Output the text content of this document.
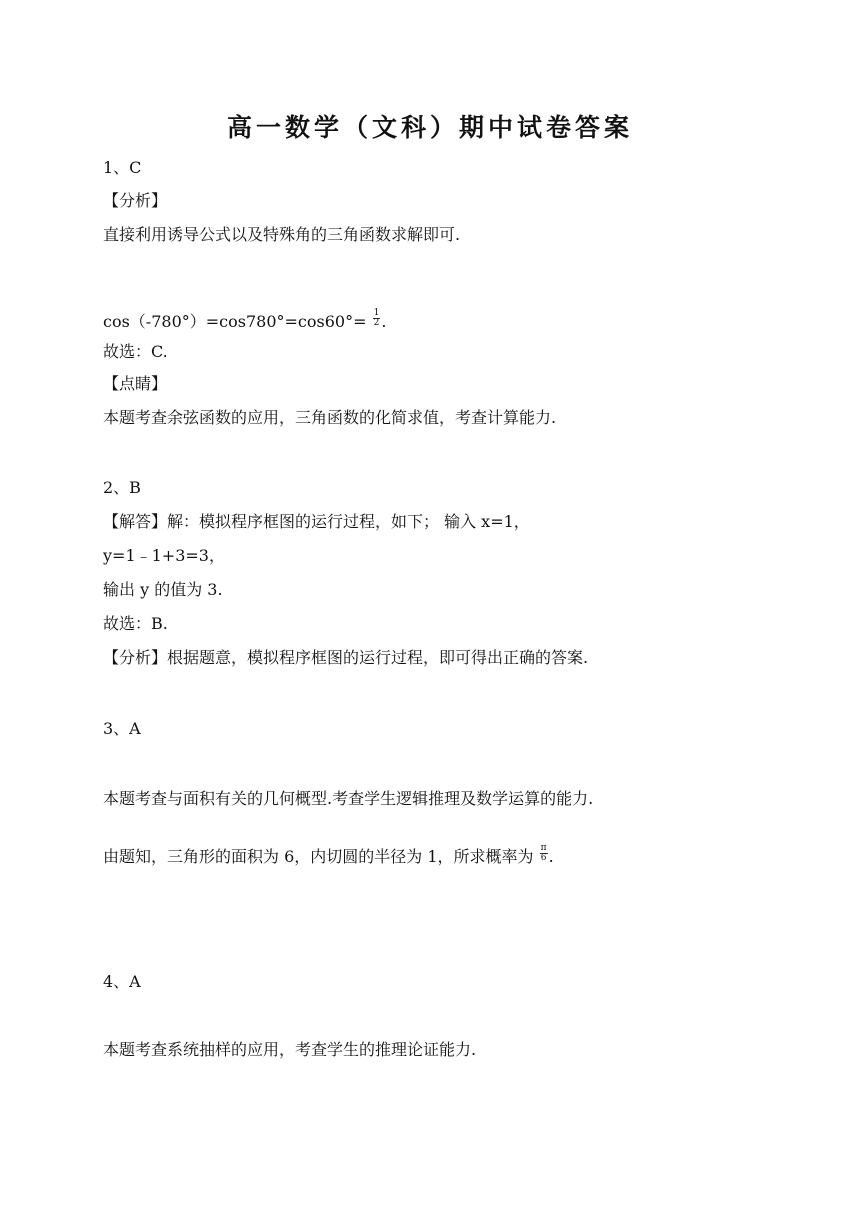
高一数学（文科）期中试卷答案
1、C
【分析】
直接利用诱导公式以及特殊角的三角函数求解即可.
$\cos(-780^\circ)=\cos 780^\circ=\cos 60^\circ= \frac{1}{2}$ .
故选：C.
【点睛】
本题考查余弦函数的应用，三角函数的化简求值，考查计算能力.
2、B
【解答】解：模拟程序框图的运行过程，如下； 输入 x=1，
y=1﹣1+3=3，
输出 y 的值为 3.
故选：B.
【分析】根据题意，模拟程序框图的运行过程，即可得出正确的答案.
3、A
本题考查与面积有关的几何概型.考查学生逻辑推理及数学运算的能力.
由题知，三角形的面积为 6，内切圆的半径为 1，所求概率为 $\frac{\pi}{6}$ .
4、A
本题考查系统抽样的应用，考查学生的推理论证能力.
